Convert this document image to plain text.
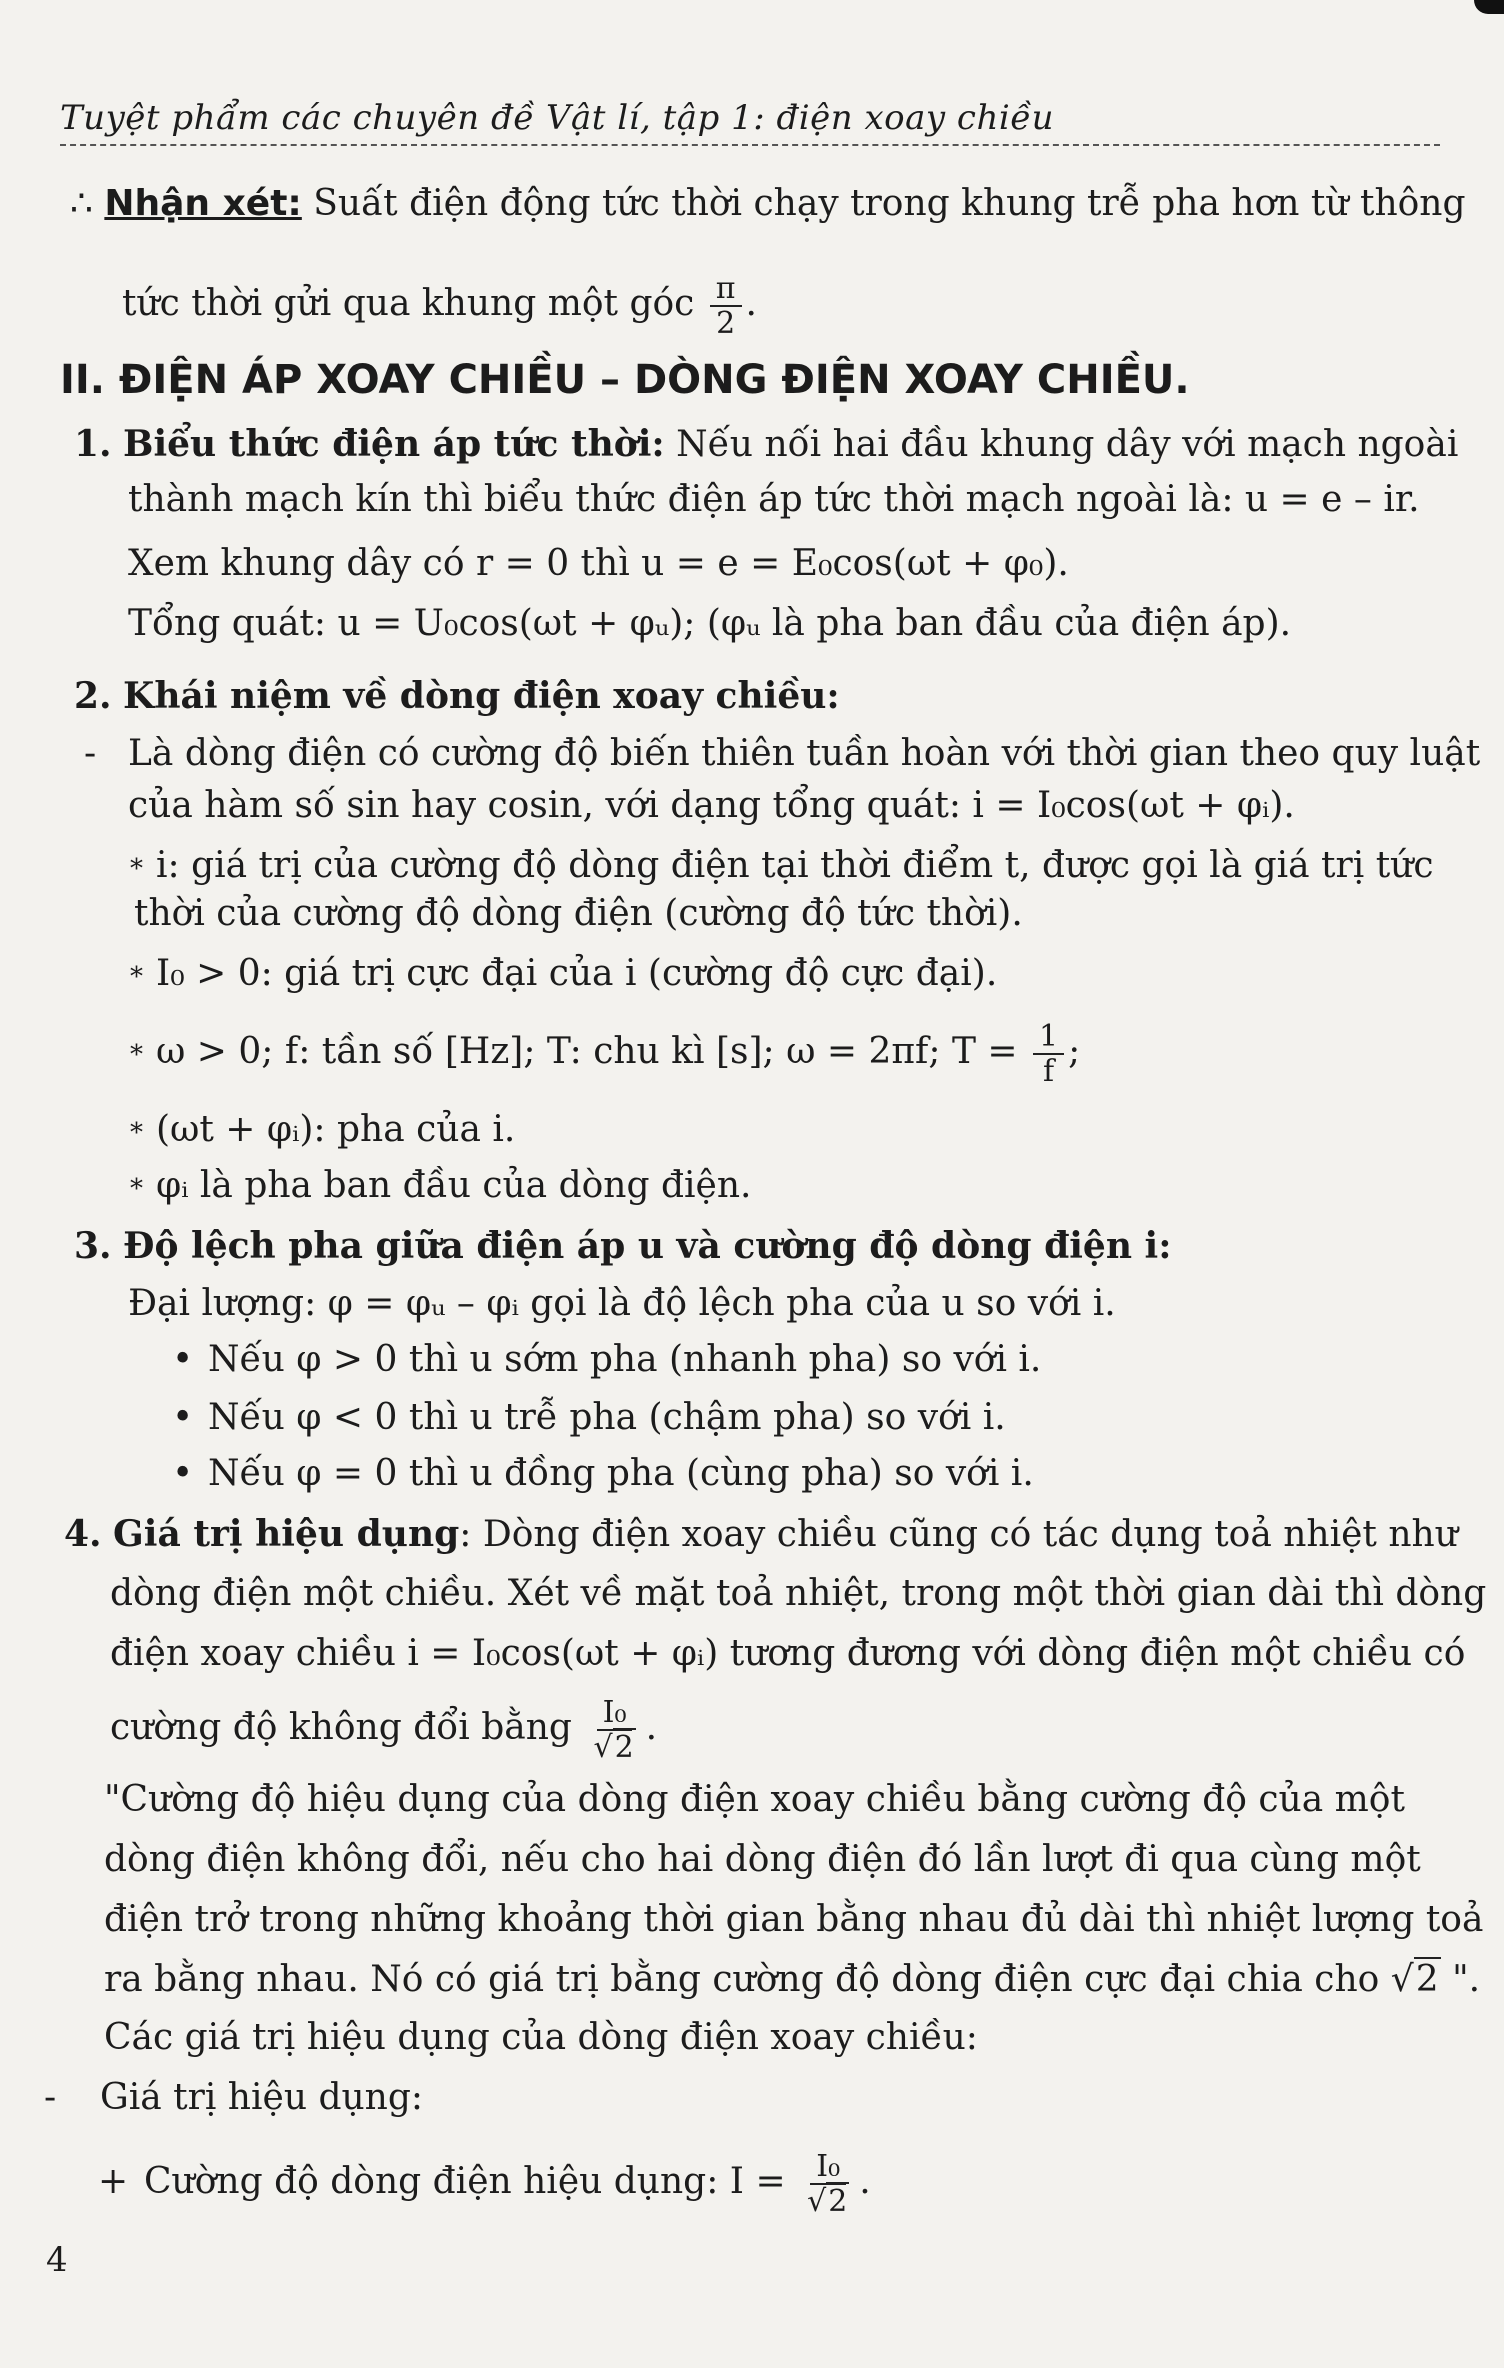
Tuyệt phẩm các chuyên đề Vật lí, tập 1: điện xoay chiều
∴ Nhận xét: Suất điện động tức thời chạy trong khung trễ pha hơn từ thông
tức thời gửi qua khung một góc $\frac{\pi}{2}$ .
II. ĐIỆN ÁP XOAY CHIỀU – DÒNG ĐIỆN XOAY CHIỀU.
1. Biểu thức điện áp tức thời: Nếu nối hai đầu khung dây với mạch ngoài
thành mạch kín thì biểu thức điện áp tức thời mạch ngoài là: u = e – ir.
Xem khung dây có r = 0 thì u = e = E₀cos(ωt + φ₀).
Tổng quát: u = U₀cos(ωt + φᵤ); (φᵤ là pha ban đầu của điện áp).
2. Khái niệm về dòng điện xoay chiều:
- Là dòng điện có cường độ biến thiên tuần hoàn với thời gian theo quy luật
của hàm số sin hay cosin, với dạng tổng quát: i = I₀cos(ωt + φᵢ).
* i: giá trị của cường độ dòng điện tại thời điểm t, được gọi là giá trị tức
thời của cường độ dòng điện (cường độ tức thời).
* I₀ > 0: giá trị cực đại của i (cường độ cực đại).
* ω > 0; f: tần số [Hz]; T: chu kì [s]; ω = 2πf; $T = \frac{1}{f}$ ;
* (ωt + φᵢ): pha của i.
* φᵢ là pha ban đầu của dòng điện.
3. Độ lệch pha giữa điện áp u và cường độ dòng điện i:
Đại lượng: φ = φᵤ – φᵢ gọi là độ lệch pha của u so với i.
• Nếu φ > 0 thì u sớm pha (nhanh pha) so với i.
• Nếu φ < 0 thì u trễ pha (chậm pha) so với i.
• Nếu φ = 0 thì u đồng pha (cùng pha) so với i.
4. Giá trị hiệu dụng: Dòng điện xoay chiều cũng có tác dụng toả nhiệt như
dòng điện một chiều. Xét về mặt toả nhiệt, trong một thời gian dài thì dòng
điện xoay chiều i = I₀cos(ωt + φᵢ) tương đương với dòng điện một chiều có
cường độ không đổi bằng $\frac{\text{I₀}}{√2}$ .
"Cường độ hiệu dụng của dòng điện xoay chiều bằng cường độ của một
dòng điện không đổi, nếu cho hai dòng điện đó lần lượt đi qua cùng một
điện trở trong những khoảng thời gian bằng nhau đủ dài thì nhiệt lượng toả
ra bằng nhau. Nó có giá trị bằng cường độ dòng điện cực đại chia cho √2 ".
Các giá trị hiệu dụng của dòng điện xoay chiều:
- Giá trị hiệu dụng:
+ Cường độ dòng điện hiệu dụng: $I = \frac{\text{I₀}}{√2}$ .
4
